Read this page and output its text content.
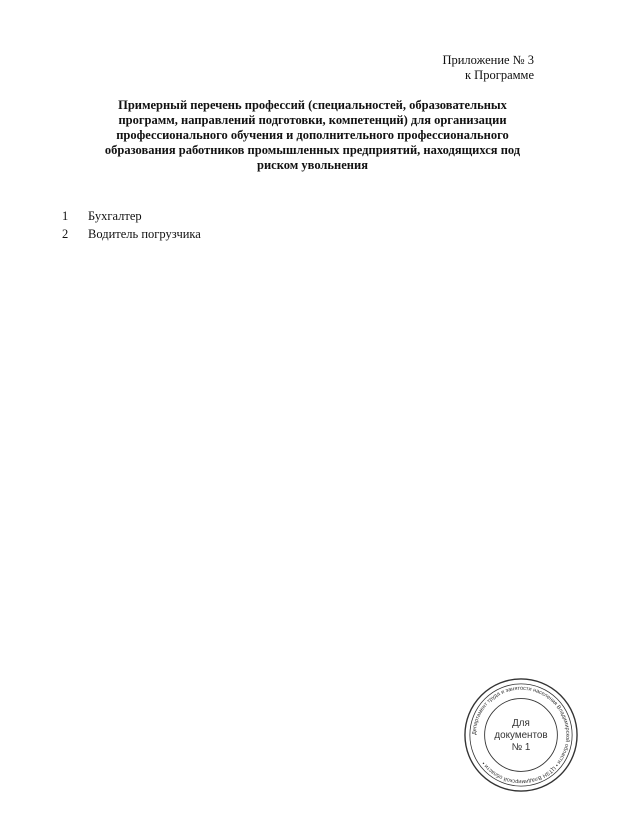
Приложение № 3
к Программе
Примерный перечень профессий (специальностей, образовательных
программ, направлений подготовки, компетенций) для организации
профессионального обучения и дополнительного профессионального
образования работников промышленных предприятий, находящихся под
риском увольнения
1	Бухгалтер
2	Водитель погрузчика
Департамент труда и занятости населения Владимирской области • ЦТЗН Владимирской области •
Для
документов
№ 1
